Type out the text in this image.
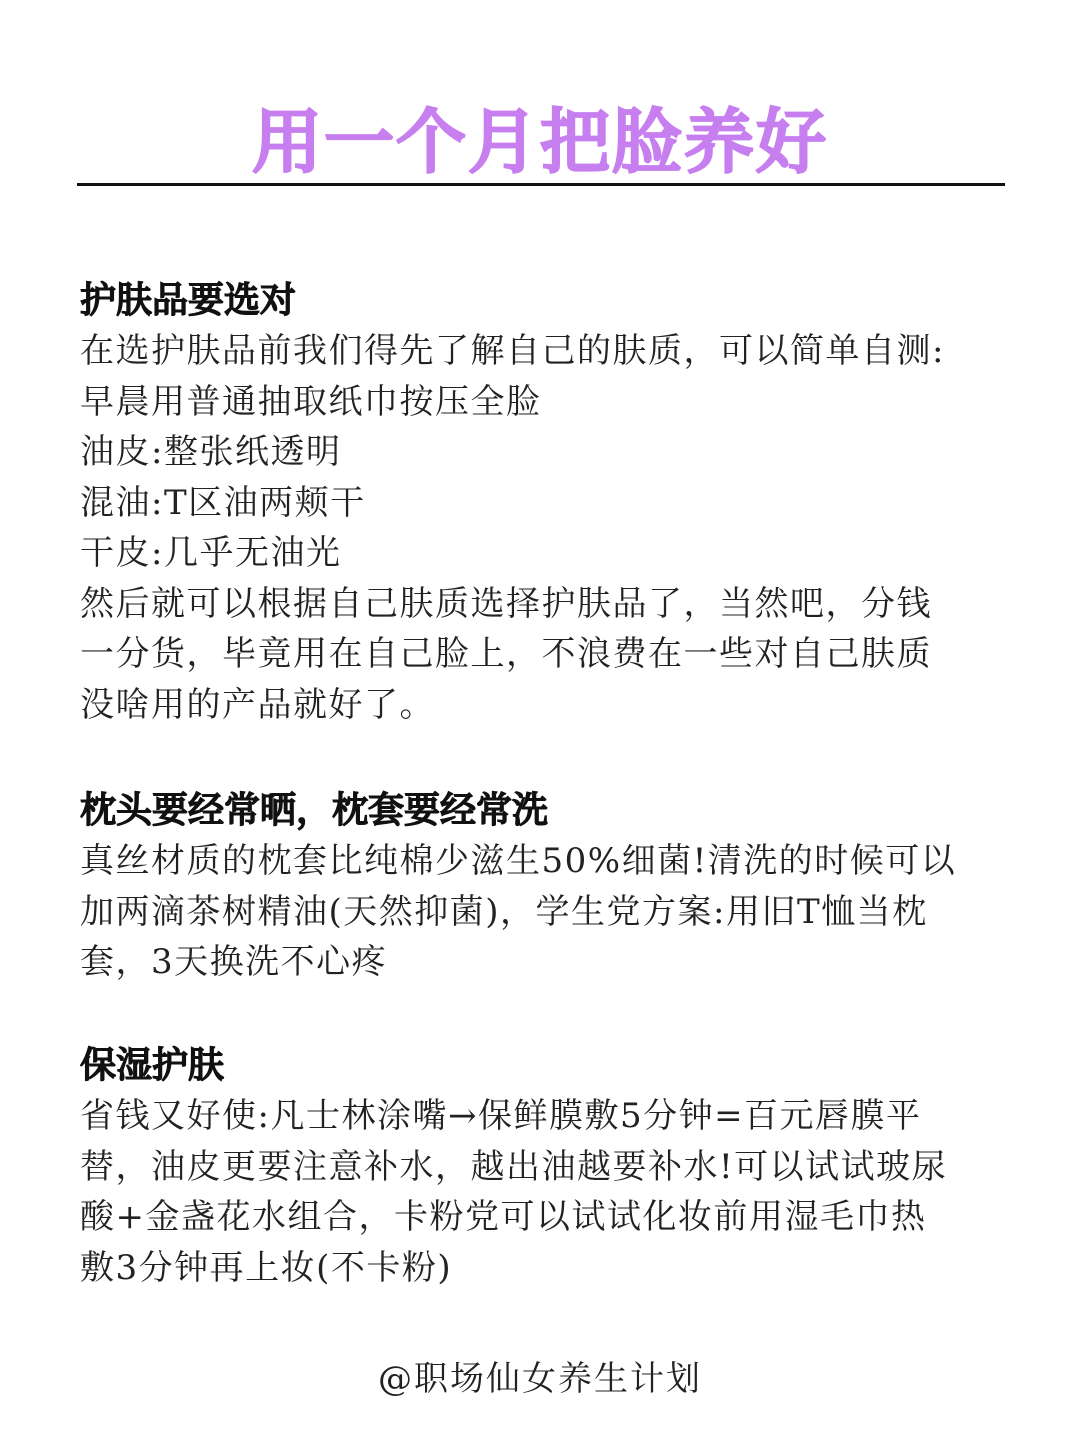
用一个月把脸养好
护肤品要选对
在选护肤品前我们得先了解自己的肤质，可以简单自测:
早晨用普通抽取纸巾按压全脸
油皮:整张纸透明
混油:T区油两颊干
干皮:几乎无油光
然后就可以根据自己肤质选择护肤品了，当然吧，分钱
一分货，毕竟用在自己脸上，不浪费在一些对自己肤质
没啥用的产品就好了。
枕头要经常晒，枕套要经常洗
真丝材质的枕套比纯棉少滋生50%细菌!清洗的时候可以
加两滴茶树精油(天然抑菌)，学生党方案:用旧T恤当枕
套，3天换洗不心疼
保湿护肤
省钱又好使:凡士林涂嘴→保鲜膜敷5分钟=百元唇膜平
替，油皮更要注意补水，越出油越要补水!可以试试玻尿
酸+金盏花水组合，卡粉党可以试试化妆前用湿毛巾热
敷3分钟再上妆(不卡粉)
@职场仙女养生计划
